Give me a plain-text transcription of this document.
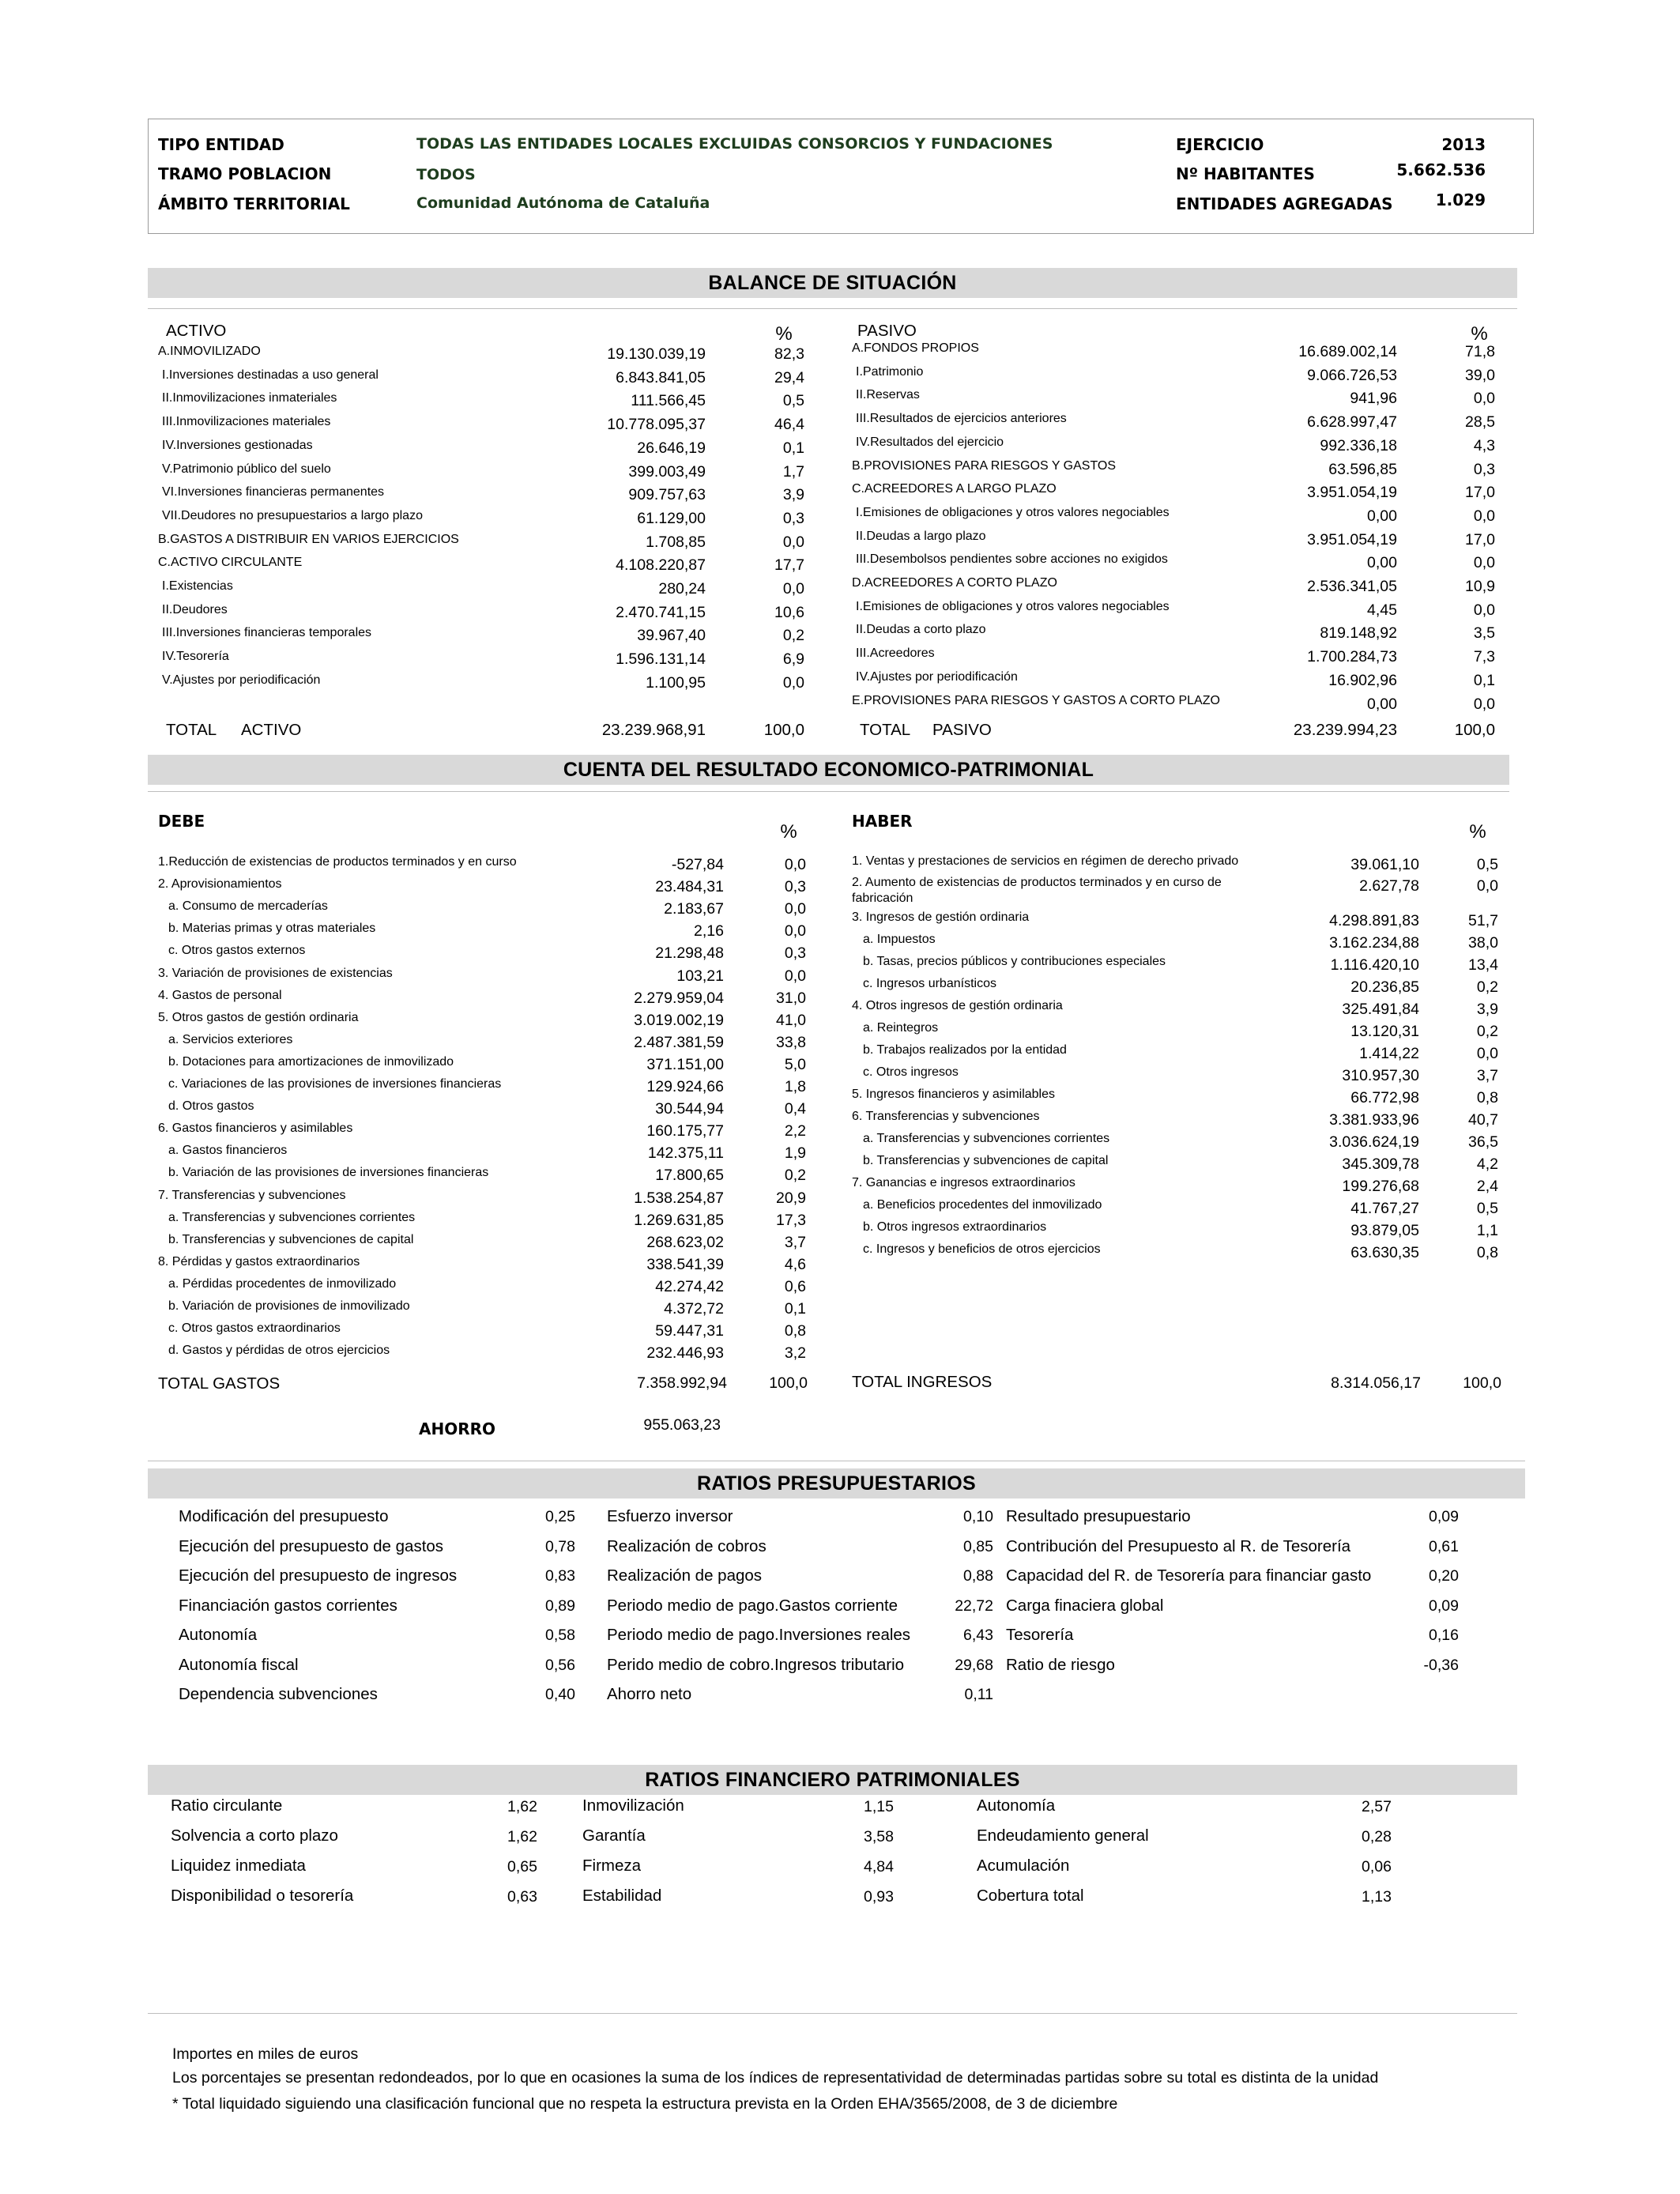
TIPO ENTIDAD	TODAS LAS ENTIDADES LOCALES EXCLUIDAS CONSORCIOS Y FUNDACIONES
TRAMO POBLACION	TODOS
ÁMBITO TERRITORIAL	Comunidad Autónoma de Cataluña
EJERCICIO	2013
Nº HABITANTES	5.662.536
ENTIDADES AGREGADAS	1.029
BALANCE DE SITUACIÓN
ACTIVO	%	PASIVO	%
A.INMOVILIZADO	19.130.039,19	82,3
I.Inversiones destinadas a uso general	6.843.841,05	29,4
II.Inmovilizaciones inmateriales	111.566,45	0,5
III.Inmovilizaciones materiales	10.778.095,37	46,4
IV.Inversiones gestionadas	26.646,19	0,1
V.Patrimonio público del suelo	399.003,49	1,7
VI.Inversiones financieras permanentes	909.757,63	3,9
VII.Deudores no presupuestarios a largo plazo	61.129,00	0,3
B.GASTOS A DISTRIBUIR EN VARIOS EJERCICIOS	1.708,85	0,0
C.ACTIVO CIRCULANTE	4.108.220,87	17,7
I.Existencias	280,24	0,0
II.Deudores	2.470.741,15	10,6
III.Inversiones financieras temporales	39.967,40	0,2
IV.Tesorería	1.596.131,14	6,9
V.Ajustes por periodificación	1.100,95	0,0
A.FONDOS PROPIOS	16.689.002,14	71,8
I.Patrimonio	9.066.726,53	39,0
II.Reservas	941,96	0,0
III.Resultados de ejercicios anteriores	6.628.997,47	28,5
IV.Resultados del ejercicio	992.336,18	4,3
B.PROVISIONES PARA RIESGOS Y GASTOS	63.596,85	0,3
C.ACREEDORES A LARGO PLAZO	3.951.054,19	17,0
I.Emisiones de obligaciones y otros valores negociables	0,00	0,0
II.Deudas a largo plazo	3.951.054,19	17,0
III.Desembolsos pendientes sobre acciones no exigidos	0,00	0,0
D.ACREEDORES A CORTO PLAZO	2.536.341,05	10,9
I.Emisiones de obligaciones y otros valores negociables	4,45	0,0
II.Deudas a corto plazo	819.148,92	3,5
III.Acreedores	1.700.284,73	7,3
IV.Ajustes por periodificación	16.902,96	0,1
E.PROVISIONES PARA RIESGOS Y GASTOS A CORTO PLAZO	0,00	0,0
TOTAL ACTIVO	23.239.968,91	100,0	TOTAL PASIVO	23.239.994,23	100,0
CUENTA DEL RESULTADO ECONOMICO-PATRIMONIAL
DEBE	%	HABER	%
1.Reducción de existencias de productos terminados y en curso	-527,84	0,0
2. Aprovisionamientos	23.484,31	0,3
a. Consumo de mercaderías	2.183,67	0,0
b. Materias primas y otras materiales	2,16	0,0
c. Otros gastos externos	21.298,48	0,3
3. Variación de provisiones de existencias	103,21	0,0
4. Gastos de personal	2.279.959,04	31,0
5. Otros gastos de gestión ordinaria	3.019.002,19	41,0
a. Servicios exteriores	2.487.381,59	33,8
b. Dotaciones para amortizaciones de inmovilizado	371.151,00	5,0
c. Variaciones de las provisiones de inversiones financieras	129.924,66	1,8
d. Otros gastos	30.544,94	0,4
6. Gastos financieros y asimilables	160.175,77	2,2
a. Gastos financieros	142.375,11	1,9
b. Variación de las provisiones de inversiones financieras	17.800,65	0,2
7. Transferencias y subvenciones	1.538.254,87	20,9
a. Transferencias y subvenciones corrientes	1.269.631,85	17,3
b. Transferencias y subvenciones de capital	268.623,02	3,7
8. Pérdidas y gastos extraordinarios	338.541,39	4,6
a. Pérdidas procedentes de inmovilizado	42.274,42	0,6
b. Variación de provisiones de inmovilizado	4.372,72	0,1
c. Otros gastos extraordinarios	59.447,31	0,8
d. Gastos y pérdidas de otros ejercicios	232.446,93	3,2
1. Ventas y prestaciones de servicios en régimen de derecho privado	39.061,10	0,5
2. Aumento de existencias de productos terminados y en curso de
fabricación
2.627,78	0,0
3. Ingresos de gestión ordinaria	4.298.891,83	51,7
a. Impuestos	3.162.234,88	38,0
b. Tasas, precios públicos y contribuciones especiales	1.116.420,10	13,4
c. Ingresos urbanísticos	20.236,85	0,2
4. Otros ingresos de gestión ordinaria	325.491,84	3,9
a. Reintegros	13.120,31	0,2
b. Trabajos realizados por la entidad	1.414,22	0,0
c. Otros ingresos	310.957,30	3,7
5. Ingresos financieros y asimilables	66.772,98	0,8
6. Transferencias y subvenciones	3.381.933,96	40,7
a. Transferencias y subvenciones corrientes	3.036.624,19	36,5
b. Transferencias y subvenciones de capital	345.309,78	4,2
7. Ganancias e ingresos extraordinarios	199.276,68	2,4
a. Beneficios procedentes del inmovilizado	41.767,27	0,5
b. Otros ingresos extraordinarios	93.879,05	1,1
c. Ingresos y beneficios de otros ejercicios	63.630,35	0,8
TOTAL GASTOS	7.358.992,94	100,0	TOTAL INGRESOS	8.314.056,17	100,0
AHORRO	955.063,23
RATIOS PRESUPUESTARIOS
Modificación del presupuesto	0,25
Ejecución del presupuesto de gastos	0,78
Ejecución del presupuesto de ingresos	0,83
Financiación gastos corrientes	0,89
Autonomía	0,58
Autonomía fiscal	0,56
Dependencia subvenciones	0,40
Esfuerzo inversor	0,10
Realización de cobros	0,85
Realización de pagos	0,88
Periodo medio de pago.Gastos corriente	22,72
Periodo medio de pago.Inversiones reales	6,43
Perido medio de cobro.Ingresos tributario	29,68
Ahorro neto	0,11
Resultado presupuestario	0,09
Contribución del Presupuesto al R. de Tesorería	0,61
Capacidad del R. de Tesorería para financiar gasto	0,20
Carga finaciera global	0,09
Tesorería	0,16
Ratio de riesgo	-0,36
RATIOS FINANCIERO PATRIMONIALES
Ratio circulante	1,62
Solvencia a corto plazo	1,62
Liquidez inmediata	0,65
Disponibilidad o tesorería	0,63
Inmovilización	1,15
Garantía	3,58
Firmeza	4,84
Estabilidad	0,93
Autonomía	2,57
Endeudamiento general	0,28
Acumulación	0,06
Cobertura total	1,13
Importes en miles de euros
Los porcentajes se presentan redondeados, por lo que en ocasiones la suma de los índices de representatividad de determinadas partidas sobre su total es distinta de la unidad
* Total liquidado siguiendo una clasificación funcional que no respeta la estructura prevista en la Orden EHA/3565/2008, de 3 de diciembre
